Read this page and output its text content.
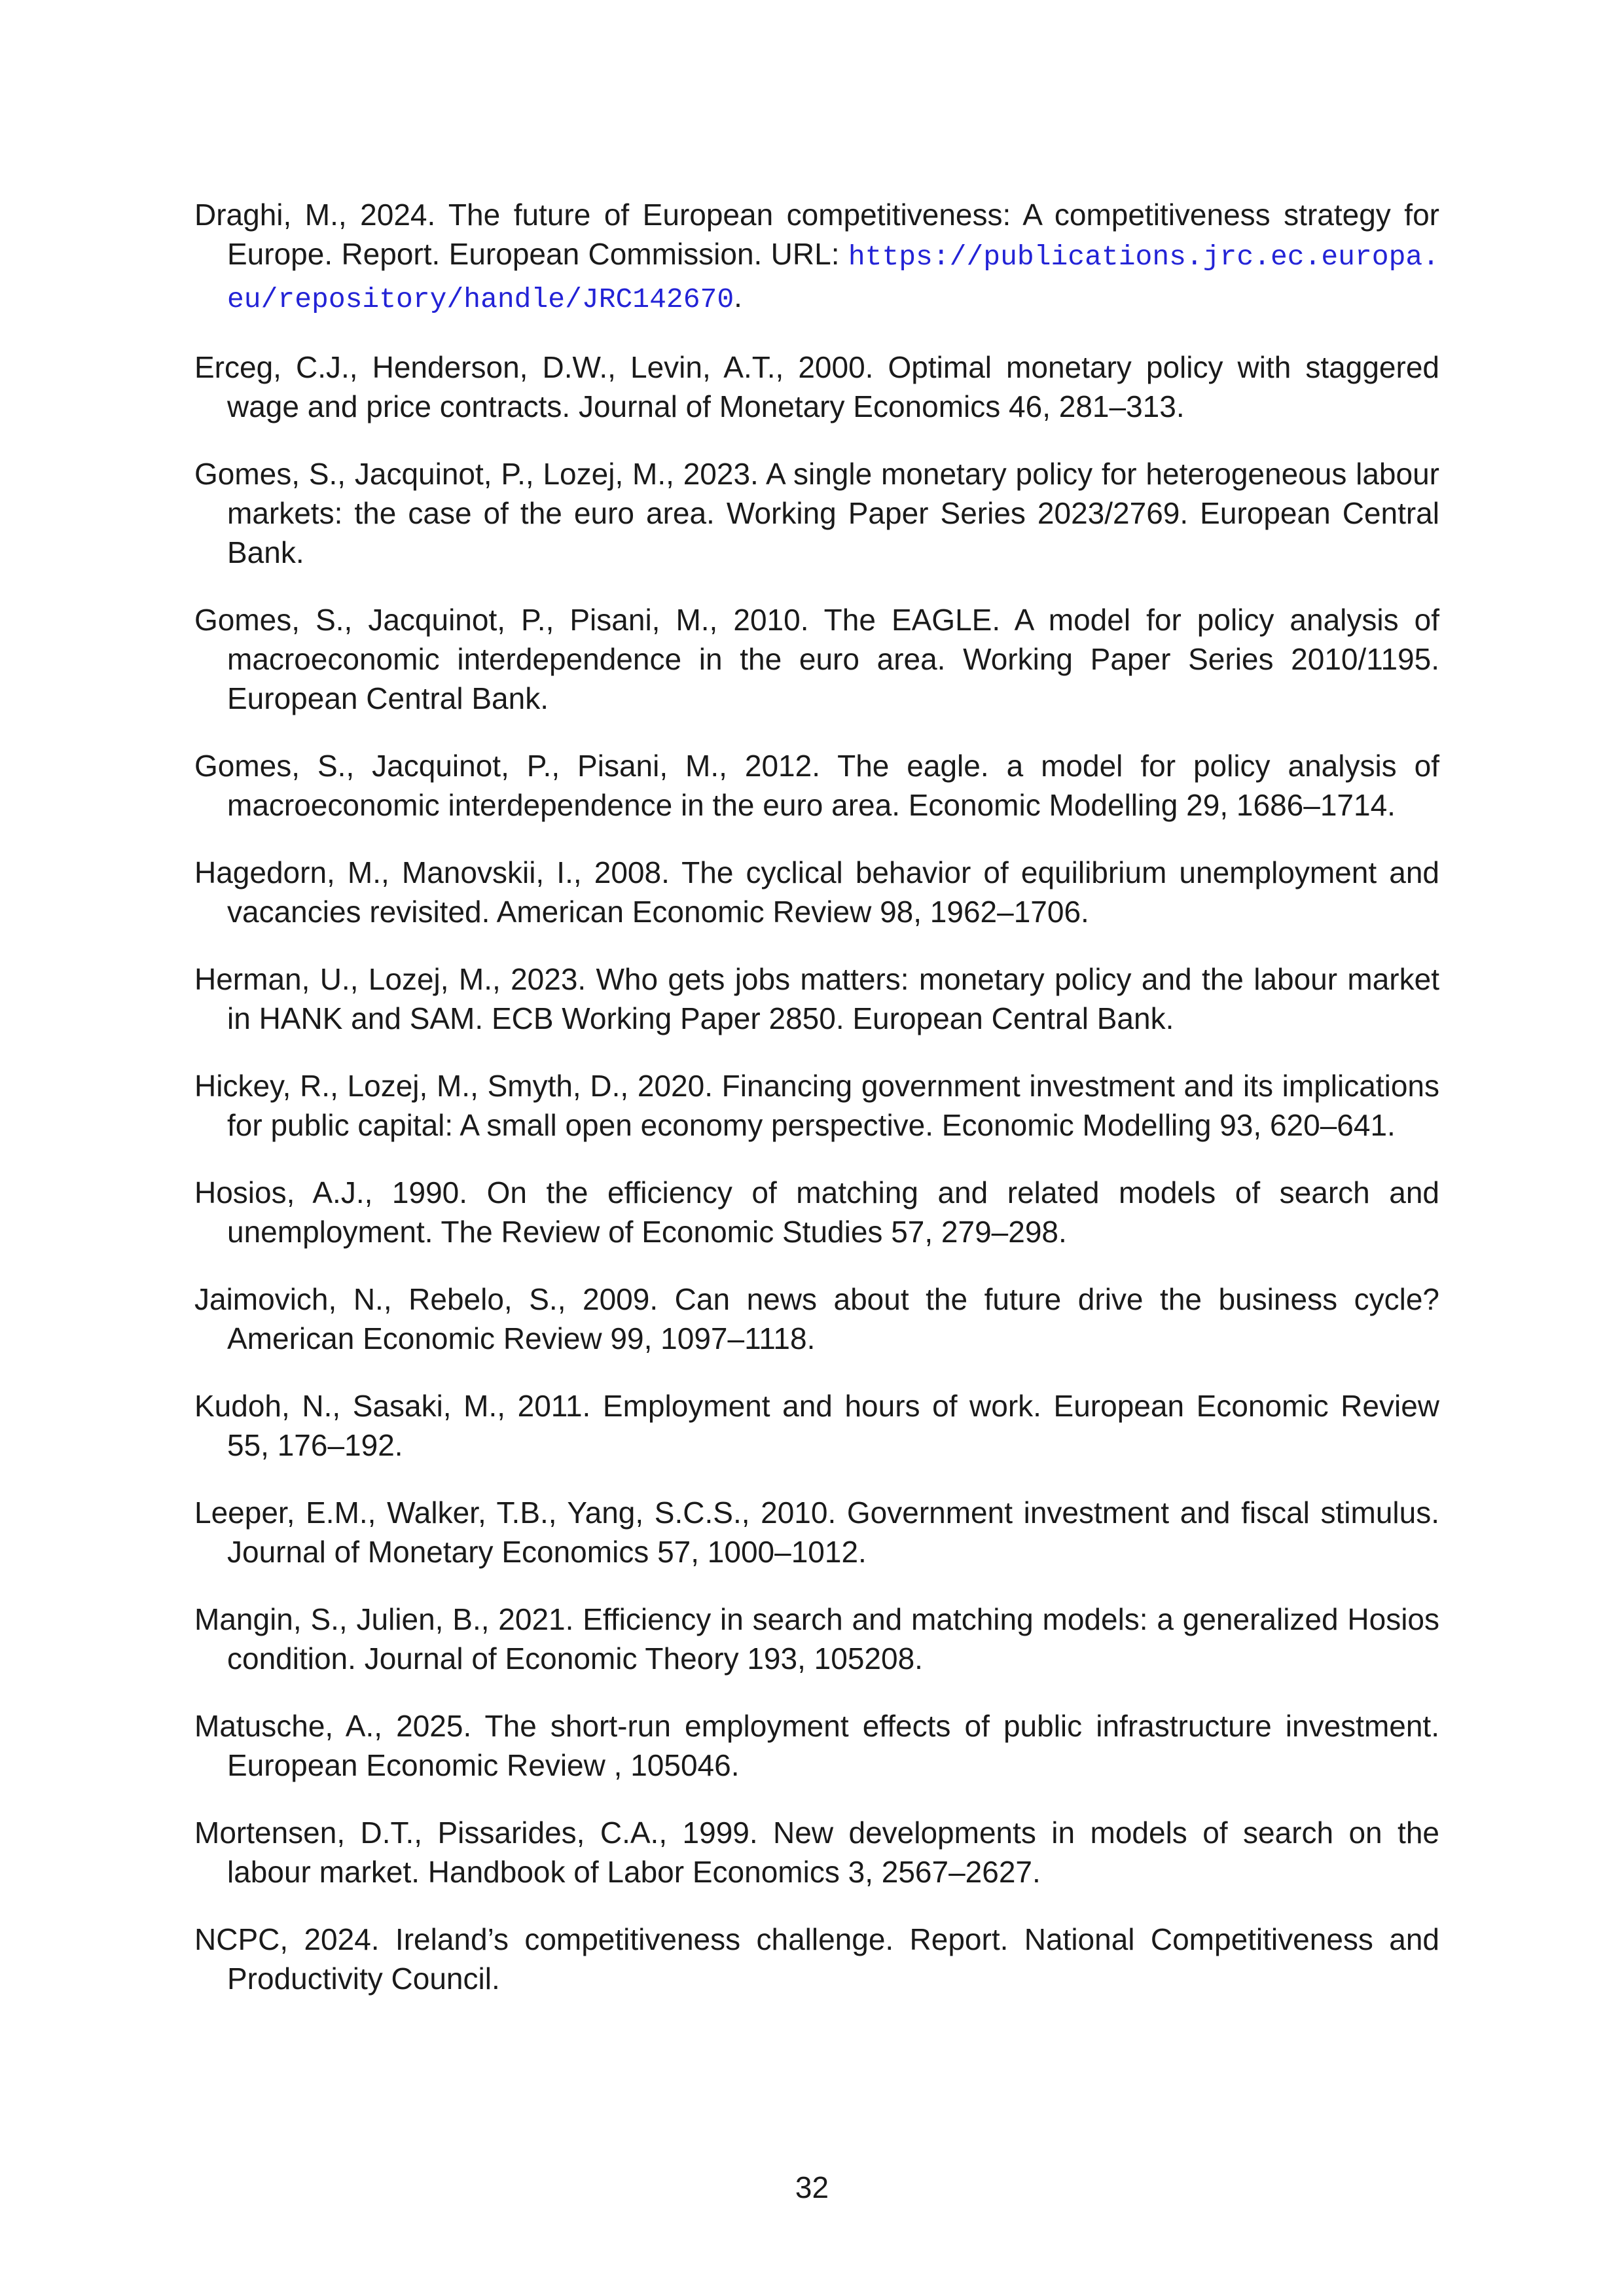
Draghi, M., 2024. The future of European competitiveness: A competitiveness strategy for Europe. Report. European Commission. URL: https://publications.jrc.ec.europa.eu/repository/handle/JRC142670.

Erceg, C.J., Henderson, D.W., Levin, A.T., 2000. Optimal monetary policy with staggered wage and price contracts. Journal of Monetary Economics 46, 281–313.

Gomes, S., Jacquinot, P., Lozej, M., 2023. A single monetary policy for heterogeneous labour markets: the case of the euro area. Working Paper Series 2023/2769. European Central Bank.

Gomes, S., Jacquinot, P., Pisani, M., 2010. The EAGLE. A model for policy analysis of macroeconomic interdependence in the euro area. Working Paper Series 2010/1195. European Central Bank.

Gomes, S., Jacquinot, P., Pisani, M., 2012. The eagle. a model for policy analysis of macroeconomic interdependence in the euro area. Economic Modelling 29, 1686–1714.

Hagedorn, M., Manovskii, I., 2008. The cyclical behavior of equilibrium unemployment and vacancies revisited. American Economic Review 98, 1962–1706.

Herman, U., Lozej, M., 2023. Who gets jobs matters: monetary policy and the labour market in HANK and SAM. ECB Working Paper 2850. European Central Bank.

Hickey, R., Lozej, M., Smyth, D., 2020. Financing government investment and its implications for public capital: A small open economy perspective. Economic Modelling 93, 620–641.

Hosios, A.J., 1990. On the efficiency of matching and related models of search and unemployment. The Review of Economic Studies 57, 279–298.

Jaimovich, N., Rebelo, S., 2009. Can news about the future drive the business cycle? American Economic Review 99, 1097–1118.

Kudoh, N., Sasaki, M., 2011. Employment and hours of work. European Economic Review 55, 176–192.

Leeper, E.M., Walker, T.B., Yang, S.C.S., 2010. Government investment and fiscal stimulus. Journal of Monetary Economics 57, 1000–1012.

Mangin, S., Julien, B., 2021. Efficiency in search and matching models: a generalized Hosios condition. Journal of Economic Theory 193, 105208.

Matusche, A., 2025. The short-run employment effects of public infrastructure investment. European Economic Review , 105046.

Mortensen, D.T., Pissarides, C.A., 1999. New developments in models of search on the labour market. Handbook of Labor Economics 3, 2567–2627.

NCPC, 2024. Ireland’s competitiveness challenge. Report. National Competitiveness and Productivity Council.

32
